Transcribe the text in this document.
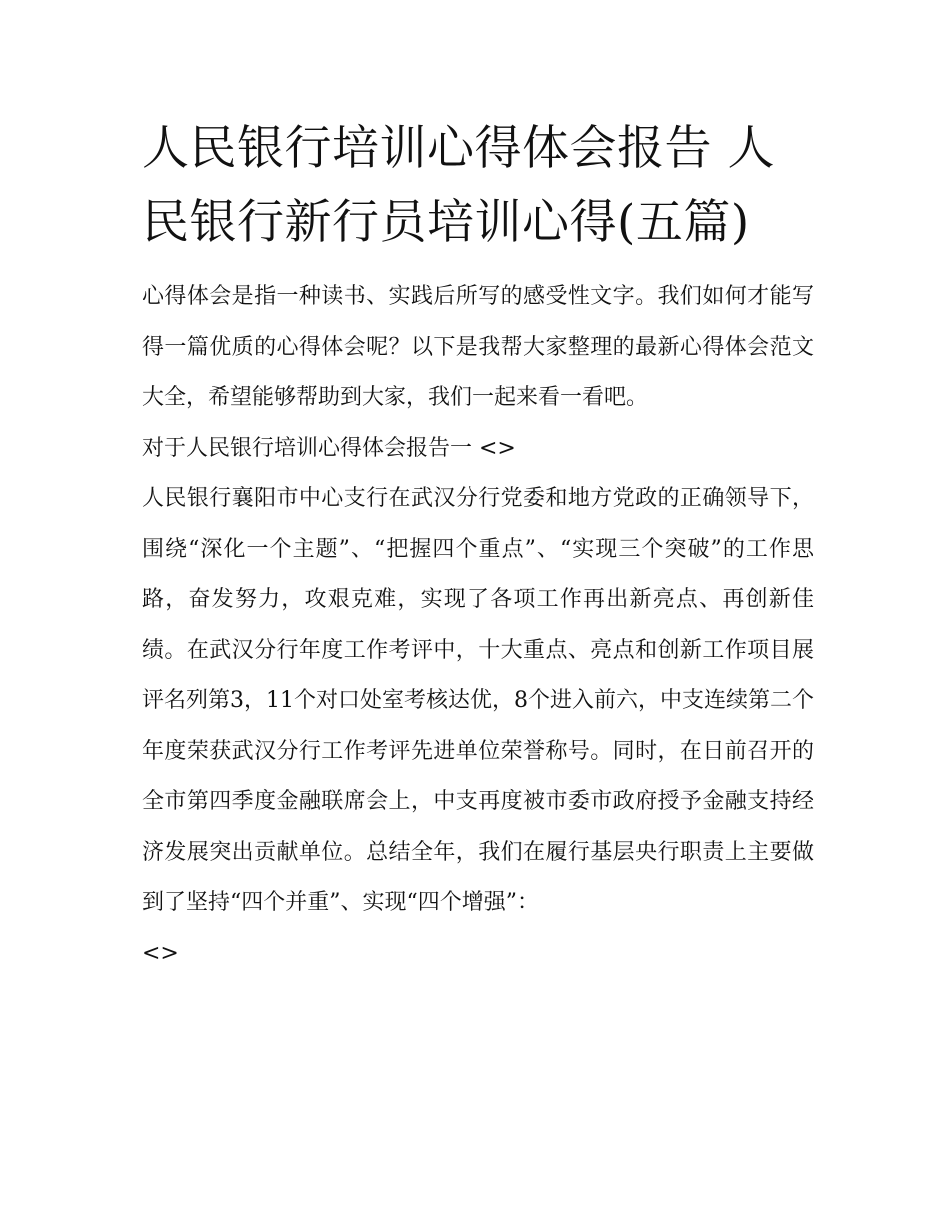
人民银行培训心得体会报告 人民银行新行员培训心得(五篇)

心得体会是指一种读书、实践后所写的感受性文字。我们如何才能写得一篇优质的心得体会呢？以下是我帮大家整理的最新心得体会范文大全，希望能够帮助到大家，我们一起来看一看吧。

对于人民银行培训心得体会报告一 <>

人民银行襄阳市中心支行在武汉分行党委和地方党政的正确领导下，围绕“深化一个主题”、“把握四个重点”、“实现三个突破”的工作思路，奋发努力，攻艰克难，实现了各项工作再出新亮点、再创新佳绩。在武汉分行年度工作考评中，十大重点、亮点和创新工作项目展评名列第3，11个对口处室考核达优，8个进入前六，中支连续第二个年度荣获武汉分行工作考评先进单位荣誉称号。同时，在日前召开的全市第四季度金融联席会上，中支再度被市委市政府授予金融支持经济发展突出贡献单位。总结全年，我们在履行基层央行职责上主要做到了坚持“四个并重”、实现“四个增强”：

<>
